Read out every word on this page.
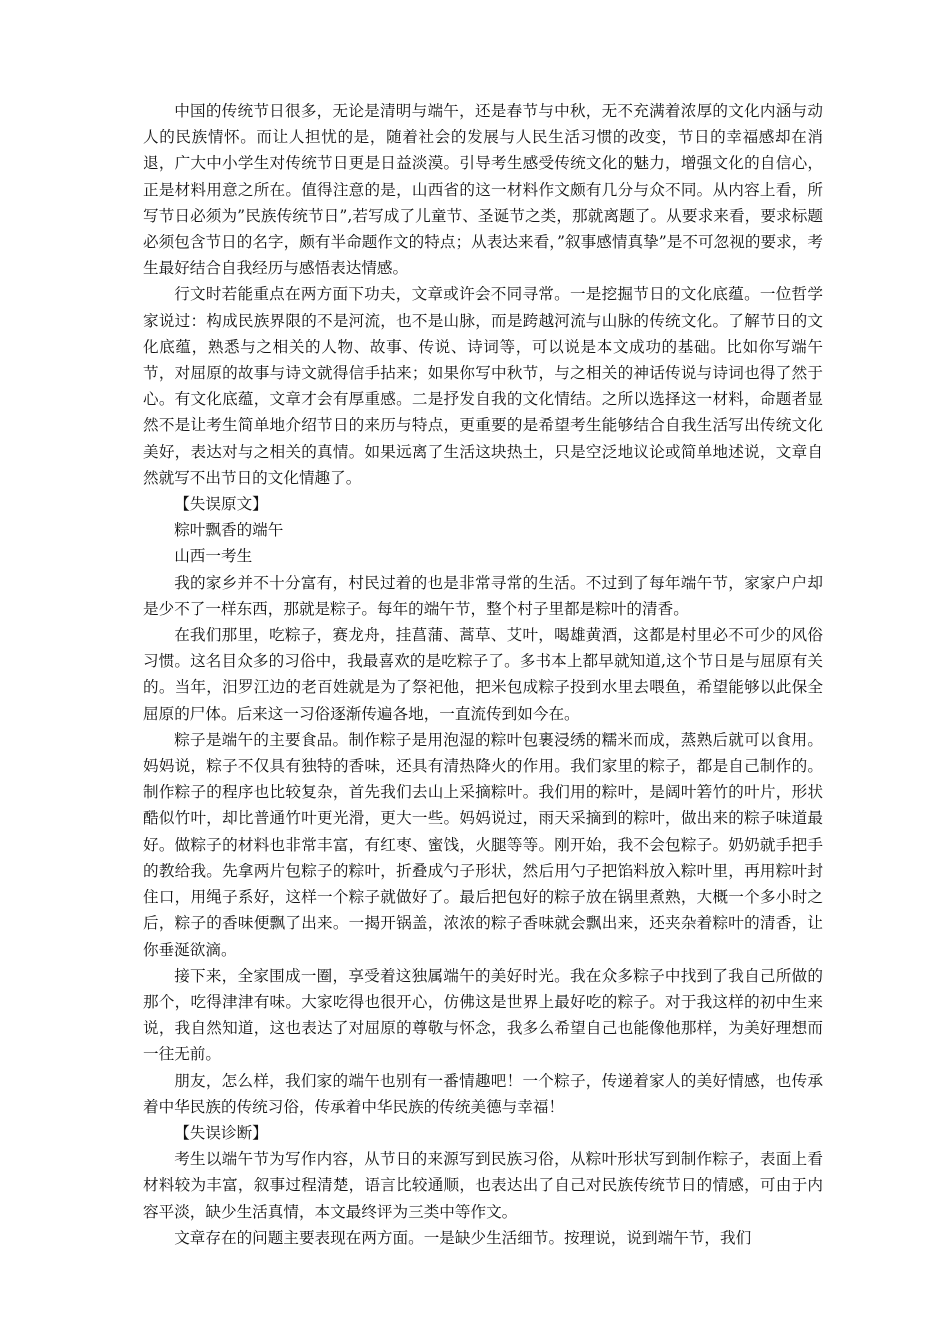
中国的传统节日很多，无论是清明与端午，还是春节与中秋，无不充满着浓厚的文化内涵与动人的民族情怀。而让人担忧的是，随着社会的发展与人民生活习惯的改变，节日的幸福感却在消退，广大中小学生对传统节日更是日益淡漠。引导考生感受传统文化的魅力，增强文化的自信心，正是材料用意之所在。值得注意的是，山西省的这一材料作文颇有几分与众不同。从内容上看，所写节日必须为”民族传统节日”,若写成了儿童节、圣诞节之类，那就离题了。从要求来看，要求标题必须包含节日的名字，颇有半命题作文的特点；从表达来看，”叙事感情真挚”是不可忽视的要求，考生最好结合自我经历与感悟表达情感。

行文时若能重点在两方面下功夫，文章或许会不同寻常。一是挖掘节日的文化底蕴。一位哲学家说过：构成民族界限的不是河流，也不是山脉，而是跨越河流与山脉的传统文化。了解节日的文化底蕴，熟悉与之相关的人物、故事、传说、诗词等，可以说是本文成功的基础。比如你写端午节，对屈原的故事与诗文就得信手拈来；如果你写中秋节，与之相关的神话传说与诗词也得了然于心。有文化底蕴，文章才会有厚重感。二是抒发自我的文化情结。之所以选择这一材料，命题者显然不是让考生简单地介绍节日的来历与特点，更重要的是希望考生能够结合自我生活写出传统文化美好，表达对与之相关的真情。如果远离了生活这块热土，只是空泛地议论或简单地述说，文章自然就写不出节日的文化情趣了。

【失误原文】

粽叶飘香的端午

山西一考生

我的家乡并不十分富有，村民过着的也是非常寻常的生活。不过到了每年端午节，家家户户却是少不了一样东西，那就是粽子。每年的端午节，整个村子里都是粽叶的清香。

在我们那里，吃粽子，赛龙舟，挂菖蒲、蒿草、艾叶，喝雄黄酒，这都是村里必不可少的风俗习惯。这名目众多的习俗中，我最喜欢的是吃粽子了。多书本上都早就知道,这个节日是与屈原有关的。当年，汨罗江边的老百姓就是为了祭祀他，把米包成粽子投到水里去喂鱼，希望能够以此保全屈原的尸体。后来这一习俗逐渐传遍各地，一直流传到如今在。

粽子是端午的主要食品。制作粽子是用泡湿的粽叶包裹浸绣的糯米而成，蒸熟后就可以食用。妈妈说，粽子不仅具有独特的香味，还具有清热降火的作用。我们家里的粽子，都是自己制作的。制作粽子的程序也比较复杂，首先我们去山上采摘粽叶。我们用的粽叶，是阔叶箬竹的叶片，形状酷似竹叶，却比普通竹叶更光滑，更大一些。妈妈说过，雨天采摘到的粽叶，做出来的粽子味道最好。做粽子的材料也非常丰富，有红枣、蜜饯，火腿等等。刚开始，我不会包粽子。奶奶就手把手的教给我。先拿两片包粽子的粽叶，折叠成勺子形状，然后用勺子把馅料放入粽叶里，再用粽叶封住口，用绳子系好，这样一个粽子就做好了。最后把包好的粽子放在锅里煮熟，大概一个多小时之后，粽子的香味便飘了出来。一揭开锅盖，浓浓的粽子香味就会飘出来，还夹杂着粽叶的清香，让你垂涎欲滴。

接下来，全家围成一圈，享受着这独属端午的美好时光。我在众多粽子中找到了我自己所做的那个，吃得津津有味。大家吃得也很开心，仿佛这是世界上最好吃的粽子。对于我这样的初中生来说，我自然知道，这也表达了对屈原的尊敬与怀念，我多么希望自己也能像他那样，为美好理想而一往无前。

朋友，怎么样，我们家的端午也别有一番情趣吧！一个粽子，传递着家人的美好情感，也传承着中华民族的传统习俗，传承着中华民族的传统美德与幸福！

【失误诊断】

考生以端午节为写作内容，从节日的来源写到民族习俗，从粽叶形状写到制作粽子，表面上看材料较为丰富，叙事过程清楚，语言比较通顺，也表达出了自己对民族传统节日的情感，可由于内容平淡，缺少生活真情，本文最终评为三类中等作文。

文章存在的问题主要表现在两方面。一是缺少生活细节。按理说，说到端午节，我们
